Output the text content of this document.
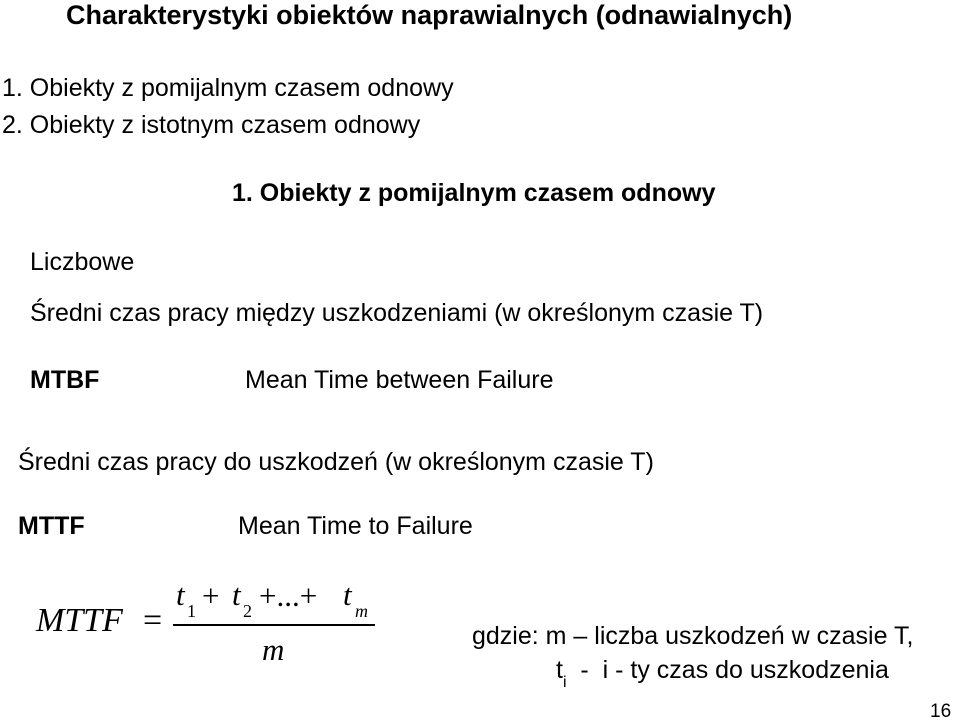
Charakterystyki obiektów naprawialnych (odnawialnych)
1. Obiekty z pomijalnym czasem odnowy
2. Obiekty z istotnym czasem odnowy
1. Obiekty z pomijalnym czasem odnowy
Liczbowe
Średni czas pracy między uszkodzeniami (w określonym czasie T)
MTBF	Mean Time between Failure
Średni czas pracy do uszkodzeń (w określonym czasie T)
MTTF	Mean Time to Failure
MTTF =
t 1 + t 2 +...+ t m
m	gdzie: m – liczba uszkodzeń w czasie T,
$t_i$  -  i - ty czas do uszkodzenia
16
